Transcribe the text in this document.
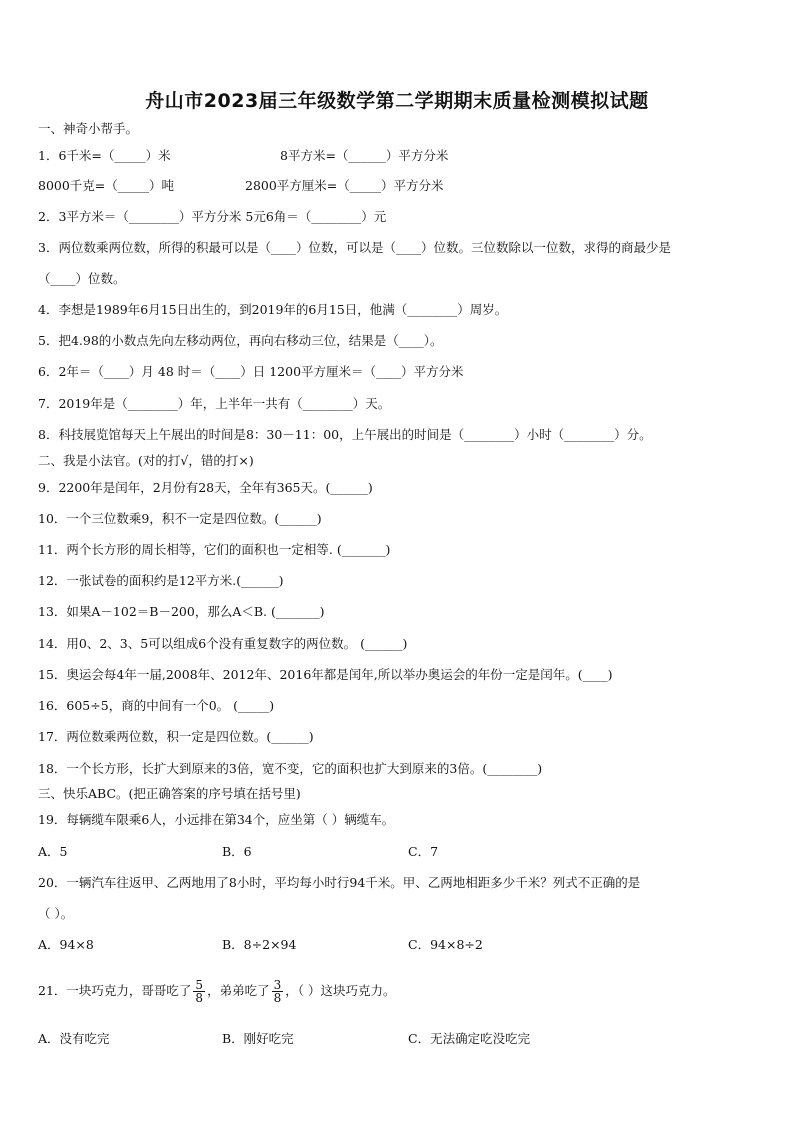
舟山市2023届三年级数学第二学期期末质量检测模拟试题
一、神奇小帮手。
1．6千米=（_____）米	8平方米=（______）平方分米
8000千克=（_____）吨	2800平方厘米=（_____）平方分米
2．3平方米＝（________）平方分米 5元6角＝（________）元
3．两位数乘两位数，所得的积最可以是（____）位数，可以是（____）位数。三位数除以一位数，求得的商最少是
（____）位数。
4．李想是1989年6月15日出生的，到2019年的6月15日，他满（________）周岁。
5．把4.98的小数点先向左移动两位，再向右移动三位，结果是（____）。
6．2年＝（____）月 48 时＝（____）日 1200平方厘米＝（____）平方分米
7．2019年是（________）年，上半年一共有（________）天。
8．科技展览馆每天上午展出的时间是8：30－11：00，上午展出的时间是（________）小时（________）分。
二、我是小法官。(对的打√，错的打×)
9．2200年是闰年，2月份有28天，全年有365天。(______)
10．一个三位数乘9，积不一定是四位数。(______)
11．两个长方形的周长相等，它们的面积也一定相等. (_______)
12．一张试卷的面积约是12平方米.(______)
13．如果A－102＝B－200，那么A＜B. (_______)
14．用0、2、3、5可以组成6个没有重复数字的两位数。 (______)
15．奥运会每4年一届,2008年、2012年、2016年都是闰年,所以举办奥运会的年份一定是闰年。(____)
16．605÷5，商的中间有一个0。 (_____)
17．两位数乘两位数，积一定是四位数。(______)
18．一个长方形，长扩大到原来的3倍，宽不变，它的面积也扩大到原来的3倍。(________)
三、快乐ABC。(把正确答案的序号填在括号里)
19．每辆缆车限乘6人，小远排在第34个，应坐第（ ）辆缆车。
A．5	B．6	C．7
20．一辆汽车往返甲、乙两地用了8小时，平均每小时行94千米。甲、乙两地相距多少千米？列式不正确的是
（ ）。
A．94×8	B．8÷2×94	C．94×8÷2
21．一块巧克力，哥哥吃了 $\frac{5}{8}$ ，弟弟吃了 $\frac{3}{8}$ ，（ ）这块巧克力。
A．没有吃完	B．刚好吃完	C．无法确定吃没吃完
